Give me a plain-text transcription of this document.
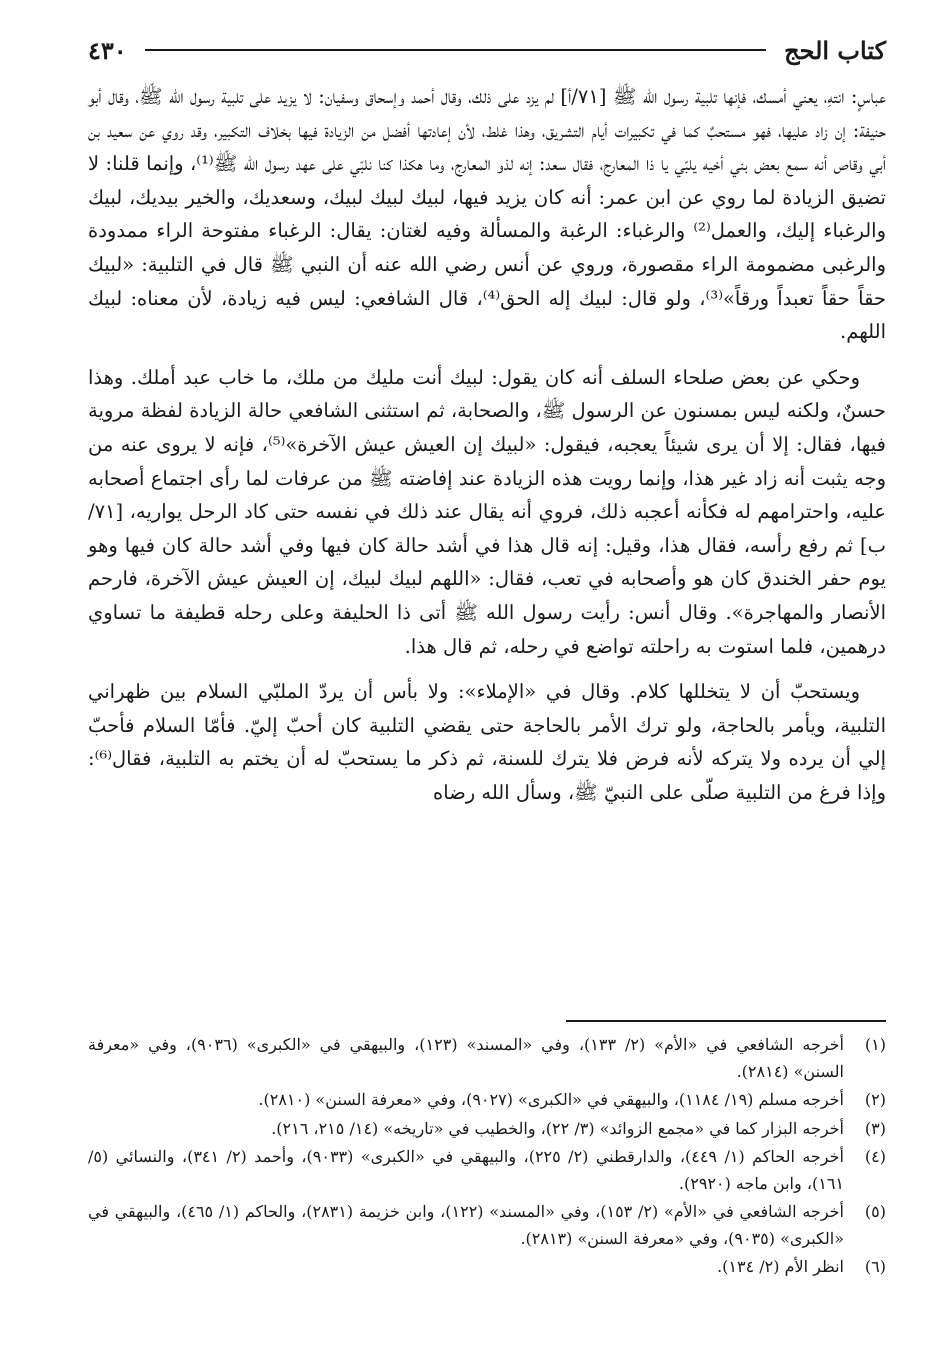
٤٣٠	كتاب الحج

عباسٍ: انتهِ، يعني أمسك، فإنها تلبية رسول الله ﷺ [٧١/أ] لم يزد على ذلك، وقال أحمد وإسحاق وسفيان: لا يزيد على تلبية رسول الله ﷺ، وقال أبو حنيفة: إن زاد عليها، فهو مستحبٌ كما في تكبيرات أيام التشريق، وهذا غلط، لأن إعادتها أفضل من الزيادة فيها بخلاف التكبير، وقد روي عن سعيد بن أبي وقاص أنه سمع بعض بني أخيه يلبّي يا ذا المعارج، فقال سعد: إنه لذو المعارج، وما هكذا كنا نلبّي على عهد رسول الله ﷺ⁽¹⁾، وإنما قلنا: لا تضيق الزيادة لما روي عن ابن عمر: أنه كان يزيد فيها، لبيك لبيك لبيك، وسعديك، والخير بيديك، لبيك والرغباء إليك، والعمل⁽²⁾ والرغباء: الرغبة والمسألة وفيه لغتان: يقال: الرغباء مفتوحة الراء ممدودة والرغبى مضمومة الراء مقصورة، وروي عن أنس رضي الله عنه أن النبي ﷺ قال في التلبية: «لبيك حقاً حقاً تعبداً ورقاً»⁽³⁾، ولو قال: لبيك إله الحق⁽⁴⁾، قال الشافعي: ليس فيه زيادة، لأن معناه: لبيك اللهم.

وحكي عن بعض صلحاء السلف أنه كان يقول: لبيك أنت مليك من ملك، ما خاب عبد أملك. وهذا حسنٌ، ولكنه ليس بمسنون عن الرسول ﷺ، والصحابة، ثم استثنى الشافعي حالة الزيادة لفظة مروية فيها، فقال: إلا أن يرى شيئاً يعجبه، فيقول: «لبيك إن العيش عيش الآخرة»⁽⁵⁾، فإنه لا يروى عنه من وجه يثبت أنه زاد غير هذا، وإنما رويت هذه الزيادة عند إفاضته ﷺ من عرفات لما رأى اجتماع أصحابه عليه، واحترامهم له فكأنه أعجبه ذلك، فروي أنه يقال عند ذلك في نفسه حتى كاد الرحل يواريه، [٧١/ب] ثم رفع رأسه، فقال هذا، وقيل: إنه قال هذا في أشد حالة كان فيها وفي أشد حالة كان فيها وهو يوم حفر الخندق كان هو وأصحابه في تعب، فقال: «اللهم لبيك لبيك، إن العيش عيش الآخرة، فارحم الأنصار والمهاجرة». وقال أنس: رأيت رسول الله ﷺ أتى ذا الحليفة وعلى رحله قطيفة ما تساوي درهمين، فلما استوت به راحلته تواضع في رحله، ثم قال هذا.

ويستحبّ أن لا يتخللها كلام. وقال في «الإملاء»: ولا بأس أن يردّ الملبّي السلام بين ظهراني التلبية، ويأمر بالحاجة، ولو ترك الأمر بالحاجة حتى يقضي التلبية كان أحبّ إليّ. فأمّا السلام فأحبّ إلي أن يرده ولا يتركه لأنه فرض فلا يترك للسنة، ثم ذكر ما يستحبّ له أن يختم به التلبية، فقال⁽⁶⁾: وإذا فرغ من التلبية صلّى على النبيّ ﷺ، وسأل الله رضاه

(١)
أخرجه الشافعي في «الأم» (٢/ ١٣٣)، وفي «المسند» (١٢٣)، والبيهقي في «الكبرى» (٩٠٣٦)، وفي «معرفة السنن» (٢٨١٤).
(٢)
أخرجه مسلم (١٩/ ١١٨٤)، والبيهقي في «الكبرى» (٩٠٢٧)، وفي «معرفة السنن» (٢٨١٠).
(٣)
أخرجه البزار كما في «مجمع الزوائد» (٣/ ٢٢)، والخطيب في «تاريخه» (١٤/ ٢١٥، ٢١٦).
(٤)
أخرجه الحاكم (١/ ٤٤٩)، والدارقطني (٢/ ٢٢٥)، والبيهقي في «الكبرى» (٩٠٣٣)، وأحمد (٢/ ٣٤١)، والنسائي (٥/ ١٦١)، وابن ماجه (٢٩٢٠).
(٥)
أخرجه الشافعي في «الأم» (٢/ ١٥٣)، وفي «المسند» (١٢٢)، وابن خزيمة (٢٨٣١)، والحاكم (١/ ٤٦٥)، والبيهقي في «الكبرى» (٩٠٣٥)، وفي «معرفة السنن» (٢٨١٣).
(٦)
انظر الأم (٢/ ١٣٤).
